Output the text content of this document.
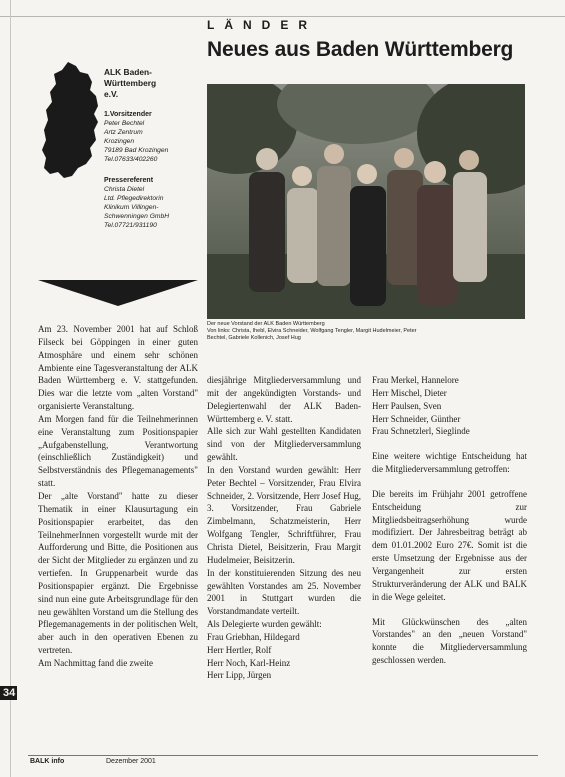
LÄNDER
Neues aus Baden Württemberg
ALK Baden-
Württemberg
e.V.
1.Vorsitzender
Peter Bechtel
Artz Zentrum
Krozingen
79189 Bad Krozingen
Tel.07633/402260
Pressereferent
Christa Dietel
Ltd. Pflegedirektorin
Klinikum Villingen-
Schwenningen GmbH
Tel.07721/931190
Der neue Vorstand der ALK Baden Württemberg
Von links: Christa, Ihebl, Elvira Schneider, Wolfgang Tengler, Margit Hudelmeier, Peter
Bechtel, Gabriele Kollenich, Josef Hug

Am 23. November 2001 hat auf Schloß Filseck bei Göppingen in einer guten Atmosphäre und einem sehr schönen Ambiente eine Tagesveranstaltung der ALK Baden Württemberg e. V. stattgefunden. Dies war die letzte vom „alten Vorstand" organisierte Veranstaltung.

Am Morgen fand für die Teilnehmerinnen eine Veranstaltung zum Positionspapier „Aufgabenstellung, Verantwortung (einschließlich Zuständigkeit) und Selbstverständnis des Pflegemanagements" statt.

Der „alte Vorstand" hatte zu dieser Thematik in einer Klausurtagung ein Positionspapier erarbeitet, das den TeilnehmerInnen vorgestellt wurde mit der Aufforderung und Bitte, die Positionen aus der Sicht der Mitglieder zu ergänzen und zu vertiefen. In Gruppenarbeit wurde das Positionspapier ergänzt. Die Ergebnisse sind nun eine gute Arbeitsgrundlage für den neu gewählten Vorstand um die Stellung des Pflegemanagements in der politischen Welt, aber auch in den operativen Ebenen zu vertreten.

Am Nachmittag fand die zweite

diesjährige Mitgliederversammlung und mit der angekündigten Vorstands- und Delegiertenwahl der ALK Baden-Württemberg e. V. statt.

Alle sich zur Wahl gestellten Kandidaten sind von der Mitgliederversammlung gewählt.

In den Vorstand wurden gewählt: Herr Peter Bechtel – Vorsitzender, Frau Elvira Schneider, 2. Vorsitzende, Herr Josef Hug, 3. Vorsitzender, Frau Gabriele Zimbelmann, Schatzmeisterin, Herr Wolfgang Tengler, Schriftführer, Frau Christa Dietel, Beisitzerin, Frau Margit Hudelmeier, Beisitzerin.

In der konstituierenden Sitzung des neu gewählten Vorstandes am 25. November 2001 in Stuttgart wurden die Vorstandmandate verteilt.

Als Delegierte wurden gewählt:

Frau Griebhan, Hildegard

Herr Hertler, Rolf

Herr Noch, Karl-Heinz

Herr Lipp, Jürgen

Frau Merkel, Hannelore

Herr Mischel, Dieter

Herr Paulsen, Sven

Herr Schneider, Günther

Frau Schnetzlerl, Sieglinde

Eine weitere wichtige Entscheidung hat die Mitgliederversammlung getroffen:

Die bereits im Frühjahr 2001 getroffene Entscheidung zur Mitgliedsbeitragserhöhung wurde modifiziert. Der Jahresbeitrag beträgt ab dem 01.01.2002 Euro 27€. Somit ist die erste Umsetzung der Ergebnisse aus der Vergangenheit zur ersten Strukturveränderung der ALK und BALK in die Wege geleitet.

Mit Glückwünschen des „alten Vorstandes" an den „neuen Vorstand" konnte die Mitgliederversammlung geschlossen werden.

34
BALK info	Dezember 2001
